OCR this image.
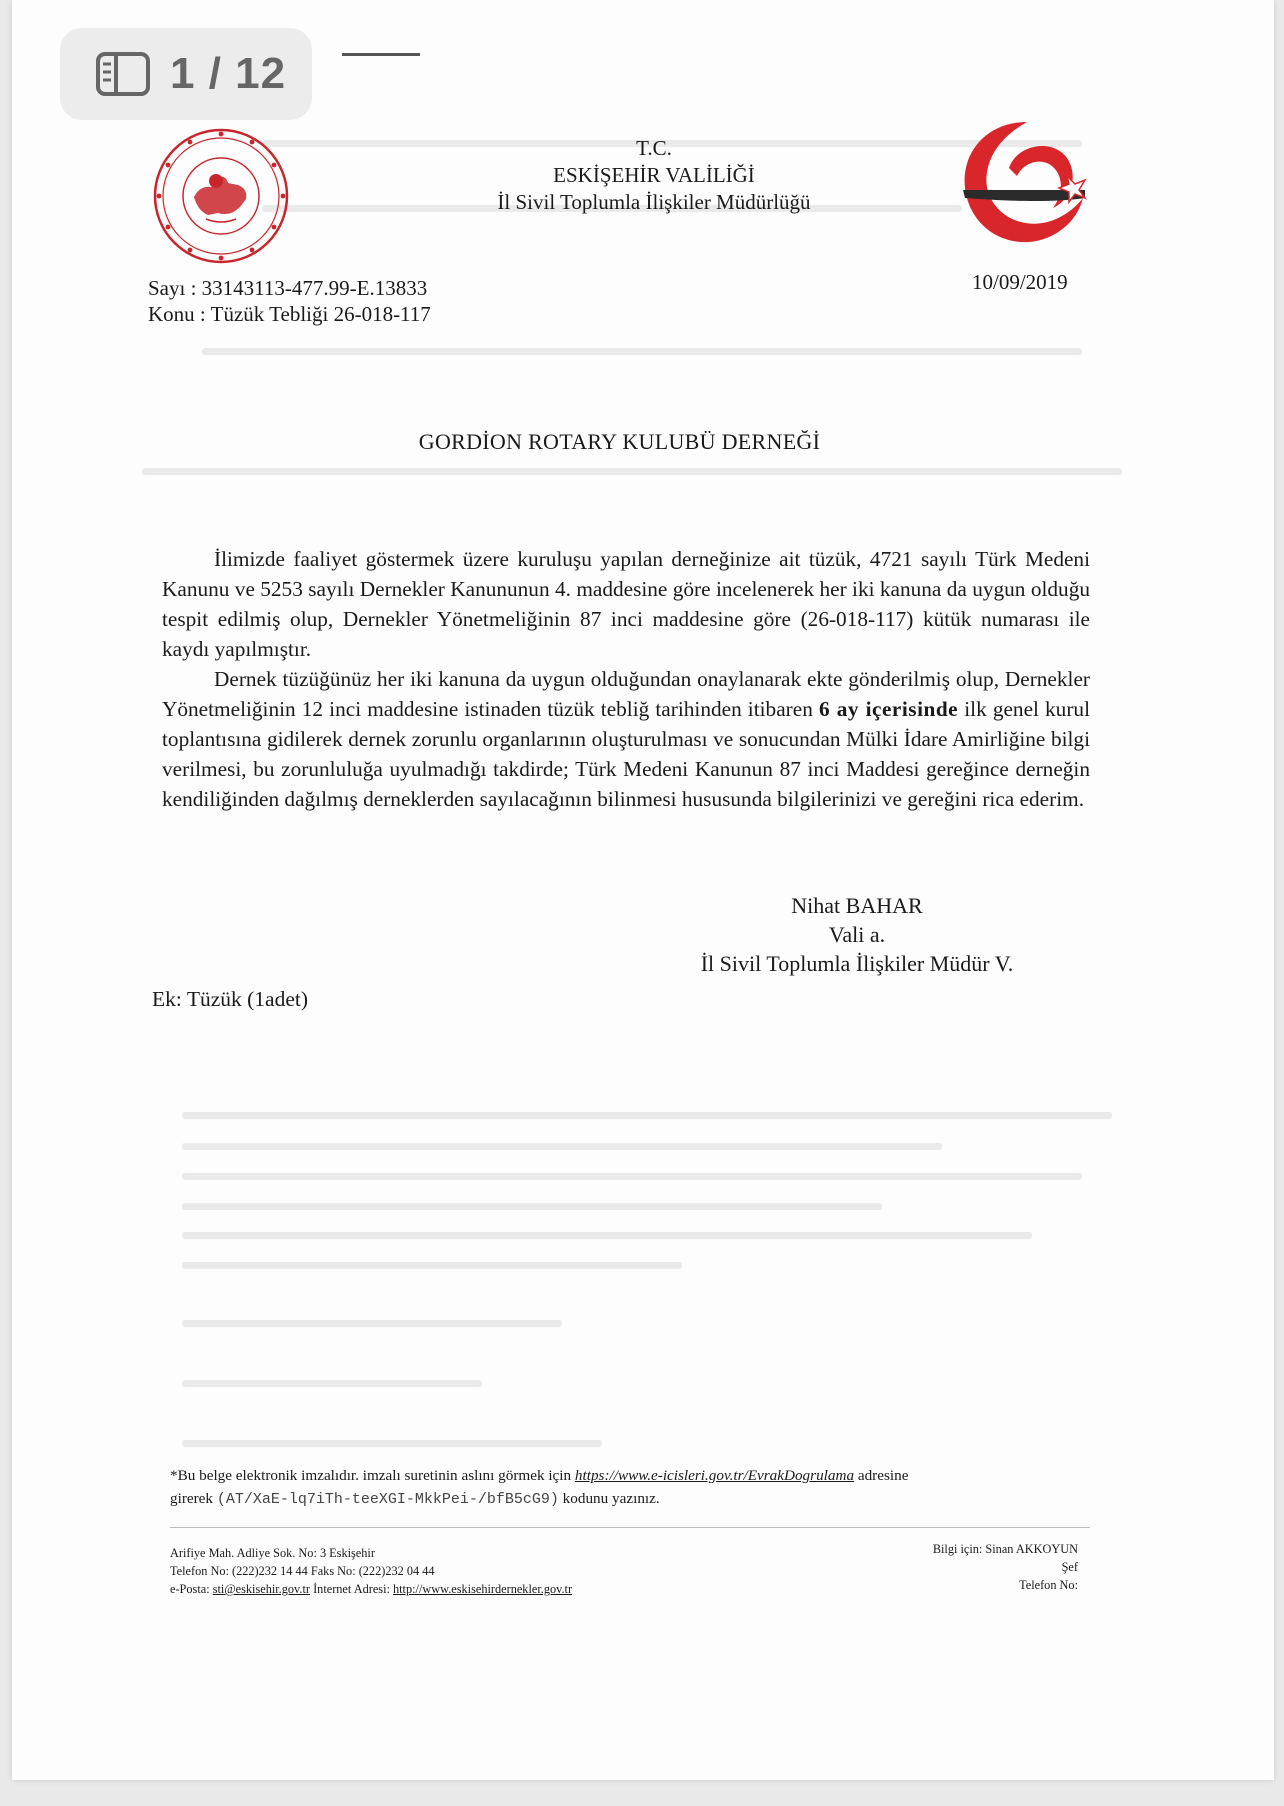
T.C.
ESKİŞEHİR VALİLİĞİ
İl Sivil Toplumla İlişkiler Müdürlüğü
Sayı : 33143113-477.99-E.13833
Konu : Tüzük Tebliği 26-018-117
10/09/2019
GORDİON ROTARY KULUBÜ DERNEĞİ

İlimizde faaliyet göstermek üzere kuruluşu yapılan derneğinize ait tüzük, 4721 sayılı Türk Medeni Kanunu ve 5253 sayılı Dernekler Kanununun 4. maddesine göre incelenerek her iki kanuna da uygun olduğu tespit edilmiş olup, Dernekler Yönetmeliğinin 87 inci maddesine göre (26-018-117) kütük numarası ile kaydı yapılmıştır.

Dernek tüzüğünüz her iki kanuna da uygun olduğundan onaylanarak ekte gönderilmiş olup, Dernekler Yönetmeliğinin 12 inci maddesine istinaden tüzük tebliğ tarihinden itibaren 6 ay içerisinde ilk genel kurul toplantısına gidilerek dernek zorunlu organlarının oluşturulması ve sonucundan Mülki İdare Amirliğine bilgi verilmesi, bu zorunluluğa uyulmadığı takdirde; Türk Medeni Kanunun 87 inci Maddesi gereğince derneğin kendiliğinden dağılmış derneklerden sayılacağının bilinmesi hususunda bilgilerinizi ve gereğini rica ederim.

Nihat BAHAR
Vali a.
İl Sivil Toplumla İlişkiler Müdür V.
Ek: Tüzük (1adet)
*Bu belge elektronik imzalıdır. imzalı suretinin aslını görmek için https://www.e-icisleri.gov.tr/EvrakDogrulama adresine
girerek (AT/XaE-lq7iTh-teeXGI-MkkPei-/bfB5cG9) kodunu yazınız.
Arifiye Mah. Adliye Sok. No: 3 Eskişehir
Telefon No: (222)232 14 44 Faks No: (222)232 04 44
e-Posta: sti@eskisehir.gov.tr İnternet Adresi: http://www.eskisehirdernekler.gov.tr
Bilgi için: Sinan AKKOYUN
Şef
Telefon No:
1 / 12
